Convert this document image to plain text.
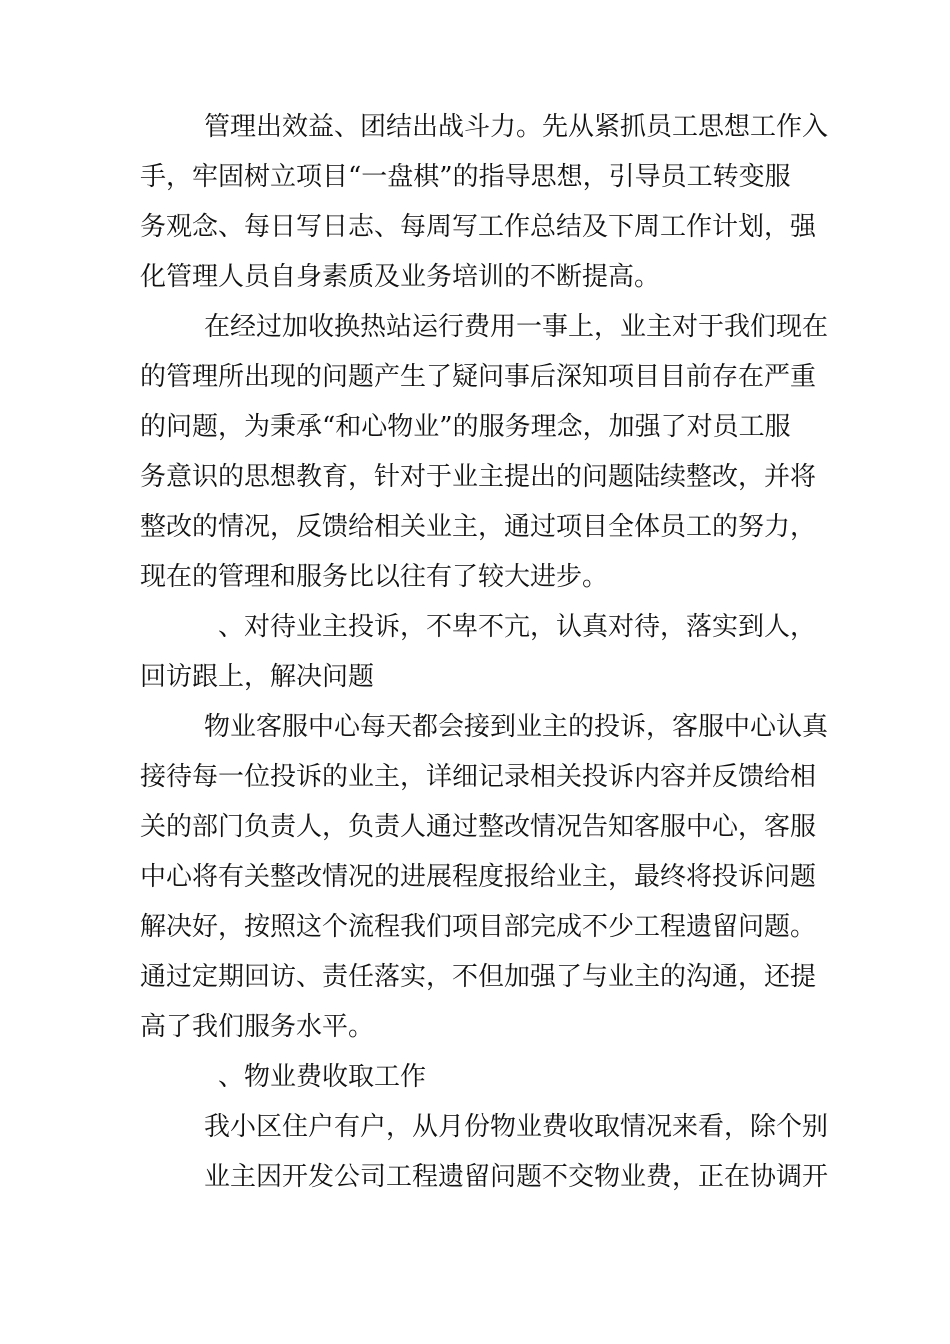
管理出效益、团结出战斗力。先从紧抓员工思想工作入

手，牢固树立项目“一盘棋”的指导思想，引导员工转变服

务观念、每日写日志、每周写工作总结及下周工作计划，强

化管理人员自身素质及业务培训的不断提高。

在经过加收换热站运行费用一事上，业主对于我们现在

的管理所出现的问题产生了疑问事后深知项目目前存在严重

的问题，为秉承“和心物业”的服务理念，加强了对员工服

务意识的思想教育，针对于业主提出的问题陆续整改，并将

整改的情况，反馈给相关业主，通过项目全体员工的努力，

现在的管理和服务比以往有了较大进步。

、对待业主投诉，不卑不亢，认真对待，落实到人，

回访跟上，解决问题

物业客服中心每天都会接到业主的投诉，客服中心认真

接待每一位投诉的业主，详细记录相关投诉内容并反馈给相

关的部门负责人，负责人通过整改情况告知客服中心，客服

中心将有关整改情况的进展程度报给业主，最终将投诉问题

解决好，按照这个流程我们项目部完成不少工程遗留问题。

通过定期回访、责任落实，不但加强了与业主的沟通，还提

高了我们服务水平。

、物业费收取工作

我小区住户有户，从月份物业费收取情况来看，除个别

业主因开发公司工程遗留问题不交物业费，正在协调开
